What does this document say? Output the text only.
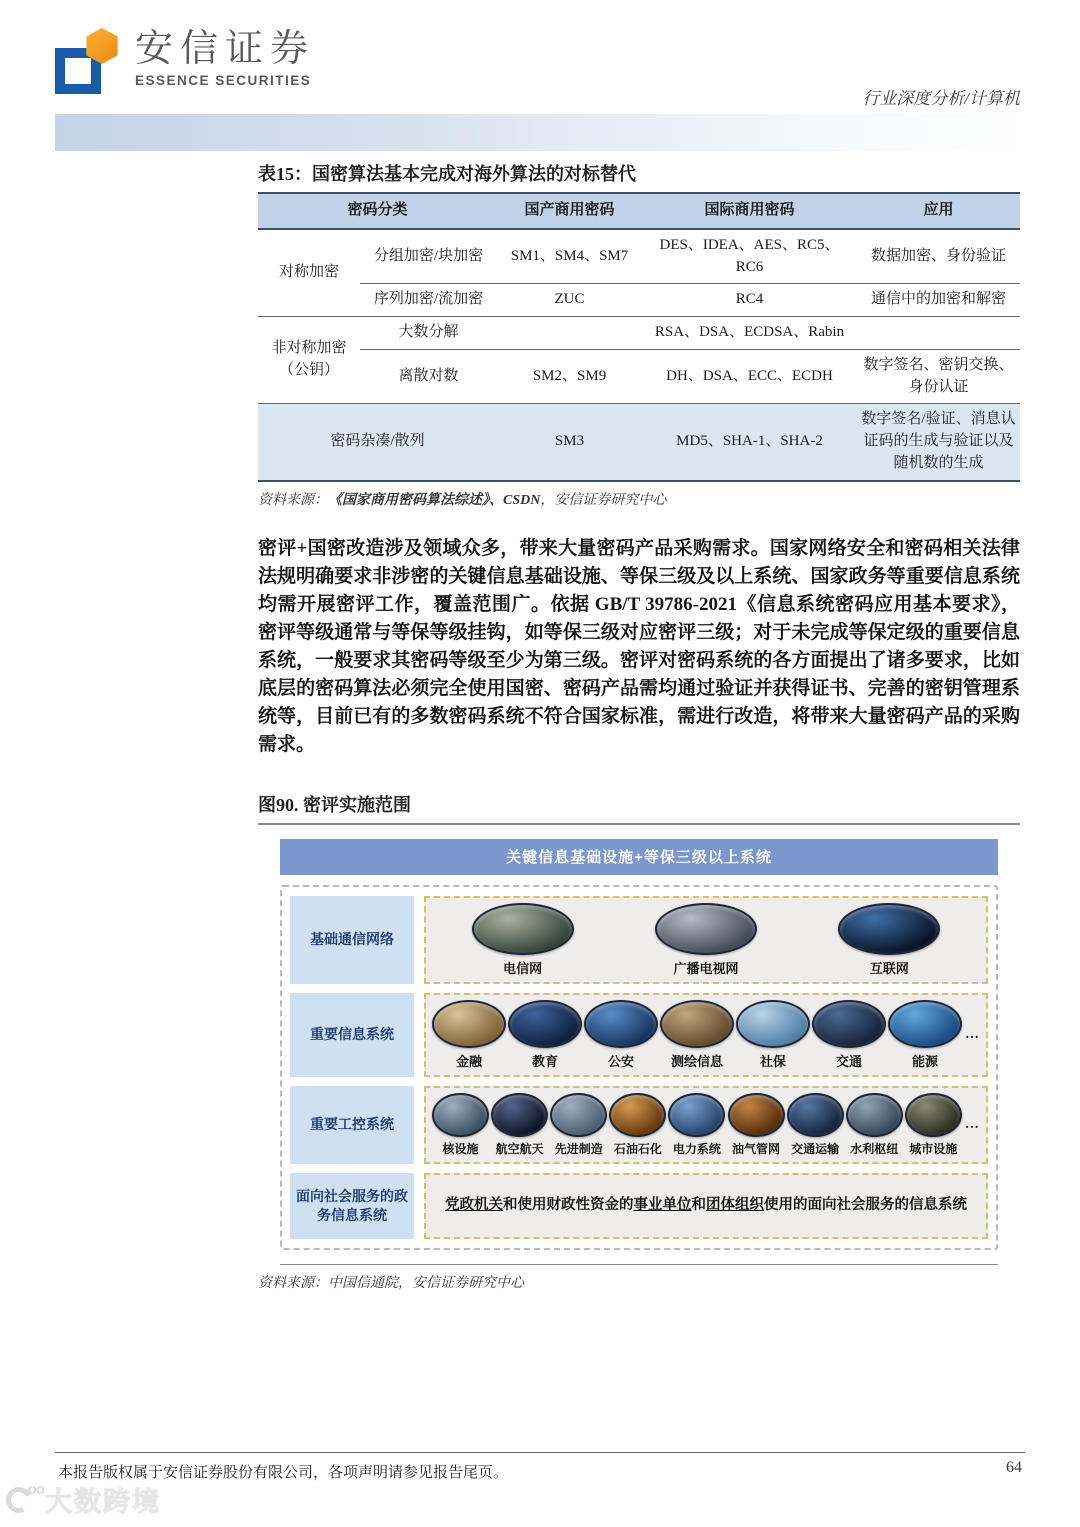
安信证券
ESSENCE SECURITIES
行业深度分析/计算机
表15：国密算法基本完成对海外算法的对标替代
密码分类		国产商用密码	国际商用密码	应用
对称加密	分组加密/块加密	SM1、SM4、SM7	DES、IDEA、AES、RC5、RC6	数据加密、身份验证
	序列加密/流加密	ZUC	RC4	通信中的加密和解密
非对称加密（公钥）	大数分解		RSA、DSA、ECDSA、Rabin	
	离散对数	SM2、SM9	DH、DSA、ECC、ECDH	数字签名、密钥交换、身份认证
密码杂凑/散列		SM3	MD5、SHA-1、SHA-2	数字签名/验证、消息认证码的生成与验证以及随机数的生成
资料来源：《国家商用密码算法综述》、CSDN，安信证券研究中心
密评+国密改造涉及领域众多，带来大量密码产品采购需求。国家网络安全和密码相关法律法规明确要求非涉密的关键信息基础设施、等保三级及以上系统、国家政务等重要信息系统均需开展密评工作，覆盖范围广。依据 GB/T 39786-2021《信息系统密码应用基本要求》，密评等级通常与等保等级挂钩，如等保三级对应密评三级；对于未完成等保定级的重要信息系统，一般要求其密码等级至少为第三级。密评对密码系统的各方面提出了诸多要求，比如底层的密码算法必须完全使用国密、密码产品需均通过验证并获得证书、完善的密钥管理系统等，目前已有的多数密码系统不符合国家标准，需进行改造，将带来大量密码产品的采购需求。
图90. 密评实施范围
关键信息基础设施+等保三级以上系统
基础通信网络
电信网	广播电视网	互联网
重要信息系统
金融	教育	公安	测绘信息	社保	交通	能源
…
重要工控系统
核设施 航空航天 先进制造 石油石化 电力系统 油气管网 交通运输 水利枢纽 城市设施
…
面向社会服务的政务信息系统
党政机关 和使用财政性资金的 事业单位 和 团体组织 使用的面向社会服务的信息系统
资料来源：中国信通院，安信证券研究中心
本报告版权属于安信证券股份有限公司，各项声明请参见报告尾页。	64
oo 大数跨境
